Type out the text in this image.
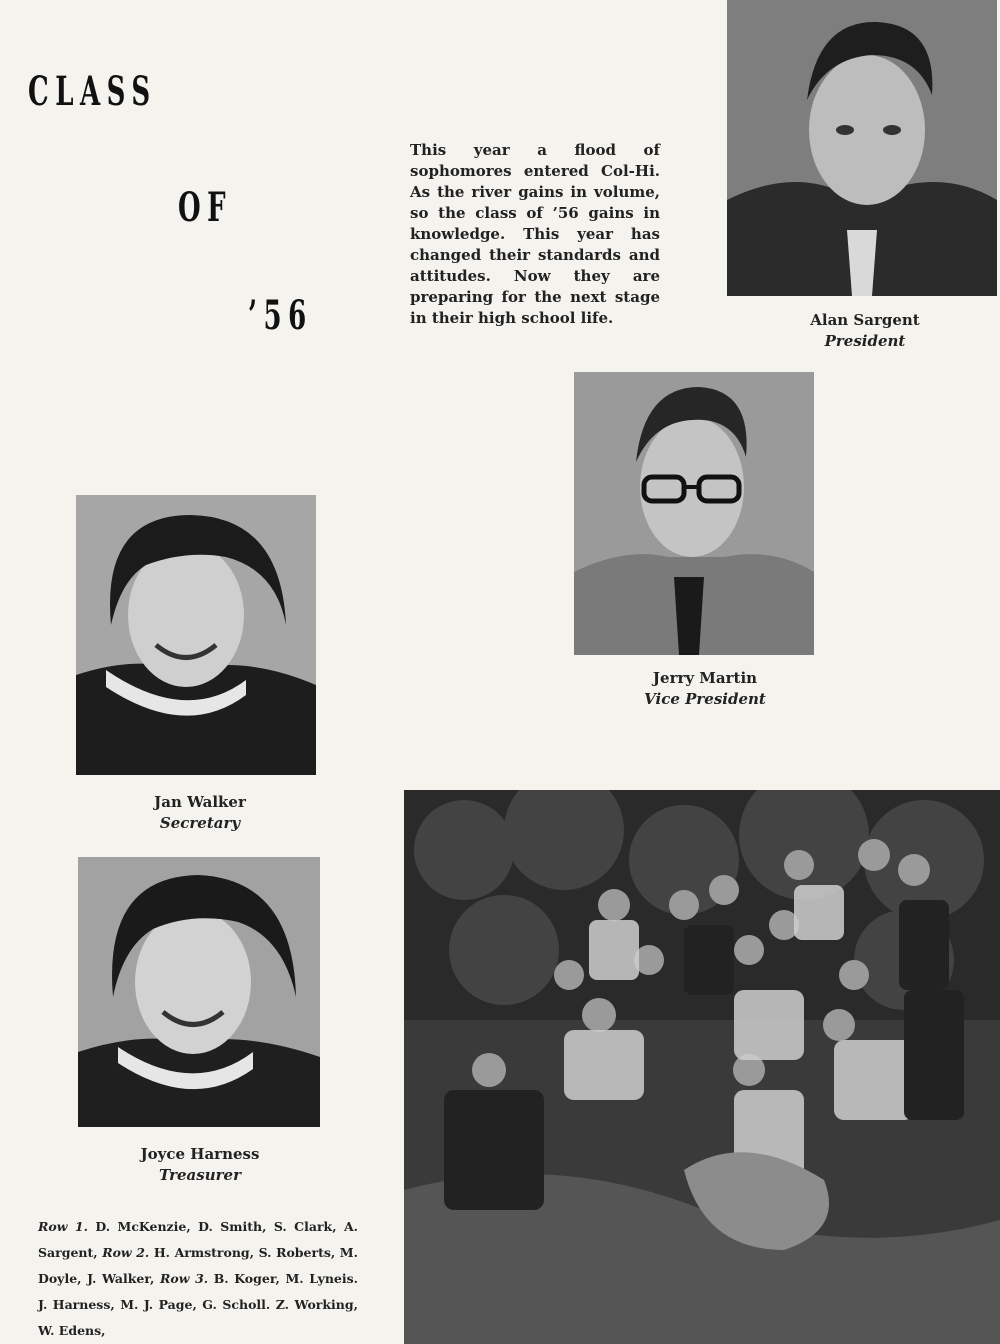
CLASS
OF
’56
This year a flood of sophomores entered Col-Hi. As the river gains in volume, so the class of ’56 gains in knowledge. This year has changed their standards and attitudes. Now they are preparing for the next stage in their high school life.	Alan Sargent
President
Jerry Martin
Vice President
Jan Walker
Secretary
Joyce Harness
Treasurer
Row 1. D. McKenzie, D. Smith, S. Clark, A. Sargent, Row 2. H. Armstrong, S. Roberts, M. Doyle, J. Walker, Row 3. B. Koger, M. Lyneis. J. Harness, M. J. Page, G. Scholl. Z. Working, W. Edens,
